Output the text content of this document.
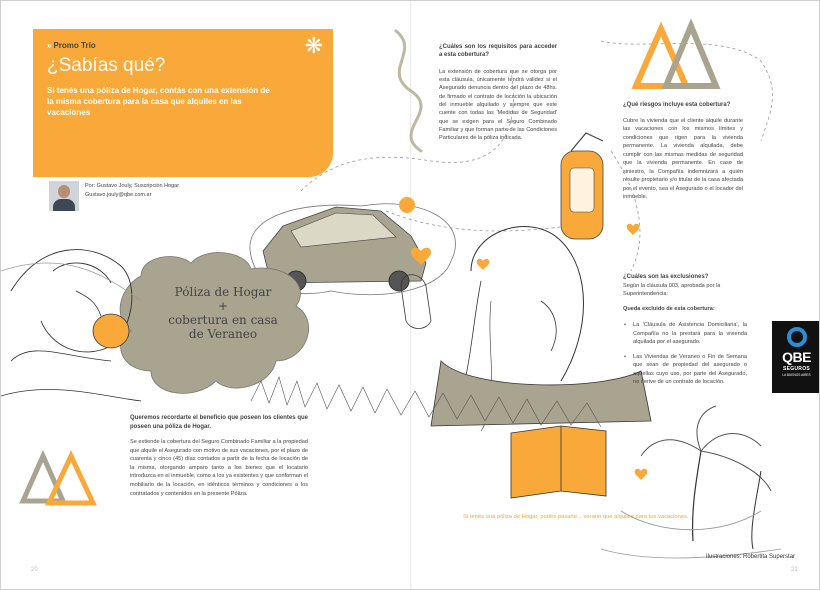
» Promo Trío
¿Sabías qué?
Si tenés una póliza de Hogar, contás con una extensión de la misma cobertura para la casa que alquiles en las vacaciones
❋
Por: Gustavo Jouly, Suscripción Hogar
Gustavo.jouly@qbe.com.ar
Póliza de Hogar
+
cobertura en casa
de Veraneo
Queremos recordarte el beneficio que poseen los clientes que poseen una póliza de Hogar.
Se extiende la cobertura del Seguro Combinado Familiar a la propiedad que alquile el Asegurado con motivo de sus vacaciones, por el plazo de cuarenta y cinco (45) días contados a partir de la fecha de locación de la misma, otorgando amparo tanto a los bienes que el locatario introduzca en el inmueble, como a los ya existentes y que conforman el mobiliario de la locación, en idénticos términos y condiciones a los contratados y contenidos en la presente Póliza.
¿Cuáles son los requisitos para acceder a esta cobertura?
La extensión de cobertura que se otorga por esta cláusula, únicamente tendrá validez si el Asegurado denuncia dentro del plazo de 48hs. de firmado el contrato de locación la ubicación del inmueble alquilado y siempre que este cuente con todas las 'Medidas de Seguridad' que se exigen para el Seguro Combinado Familiar y que forman parte de las Condiciones Particulares de la póliza indicada.
¿Qué riesgos incluye esta cobertura?
Cubre la vivienda que el cliente alquile durante las vacaciones con los mismos límites y condiciones que rigen para la vivienda permanente. La vivienda alquilada, debe cumplir con las mismas medidas de seguridad que la vivienda permanente. En caso de siniestro, la Compañía indemnizará a quién resulte propietario y/o titular de la casa afectada por el evento, sea el Asegurado o el locador del inmueble.
¿Cuáles son las exclusiones?
Según la cláusula 003, aprobada por la Superintendencia:
Queda excluido de esta cobertura:
• La 'Cláusula de Asistencia Domiciliaria', la Compañía no la prestará para la vivienda alquilada por el asegurado.
• Las Viviendas de Veraneo o Fin de Semana que sean de propiedad del asegurado o aquellas cuyo uso, por parte del Asegurado, no derive de un contrato de locación.
Si tenés una póliza de Hogar, podés pasarte... verano que alquiles para tus vacaciones.
Ilustraciones: Robertita Superstar
20	21
QBE
SEGUROS
LA BUENOS AIRES
